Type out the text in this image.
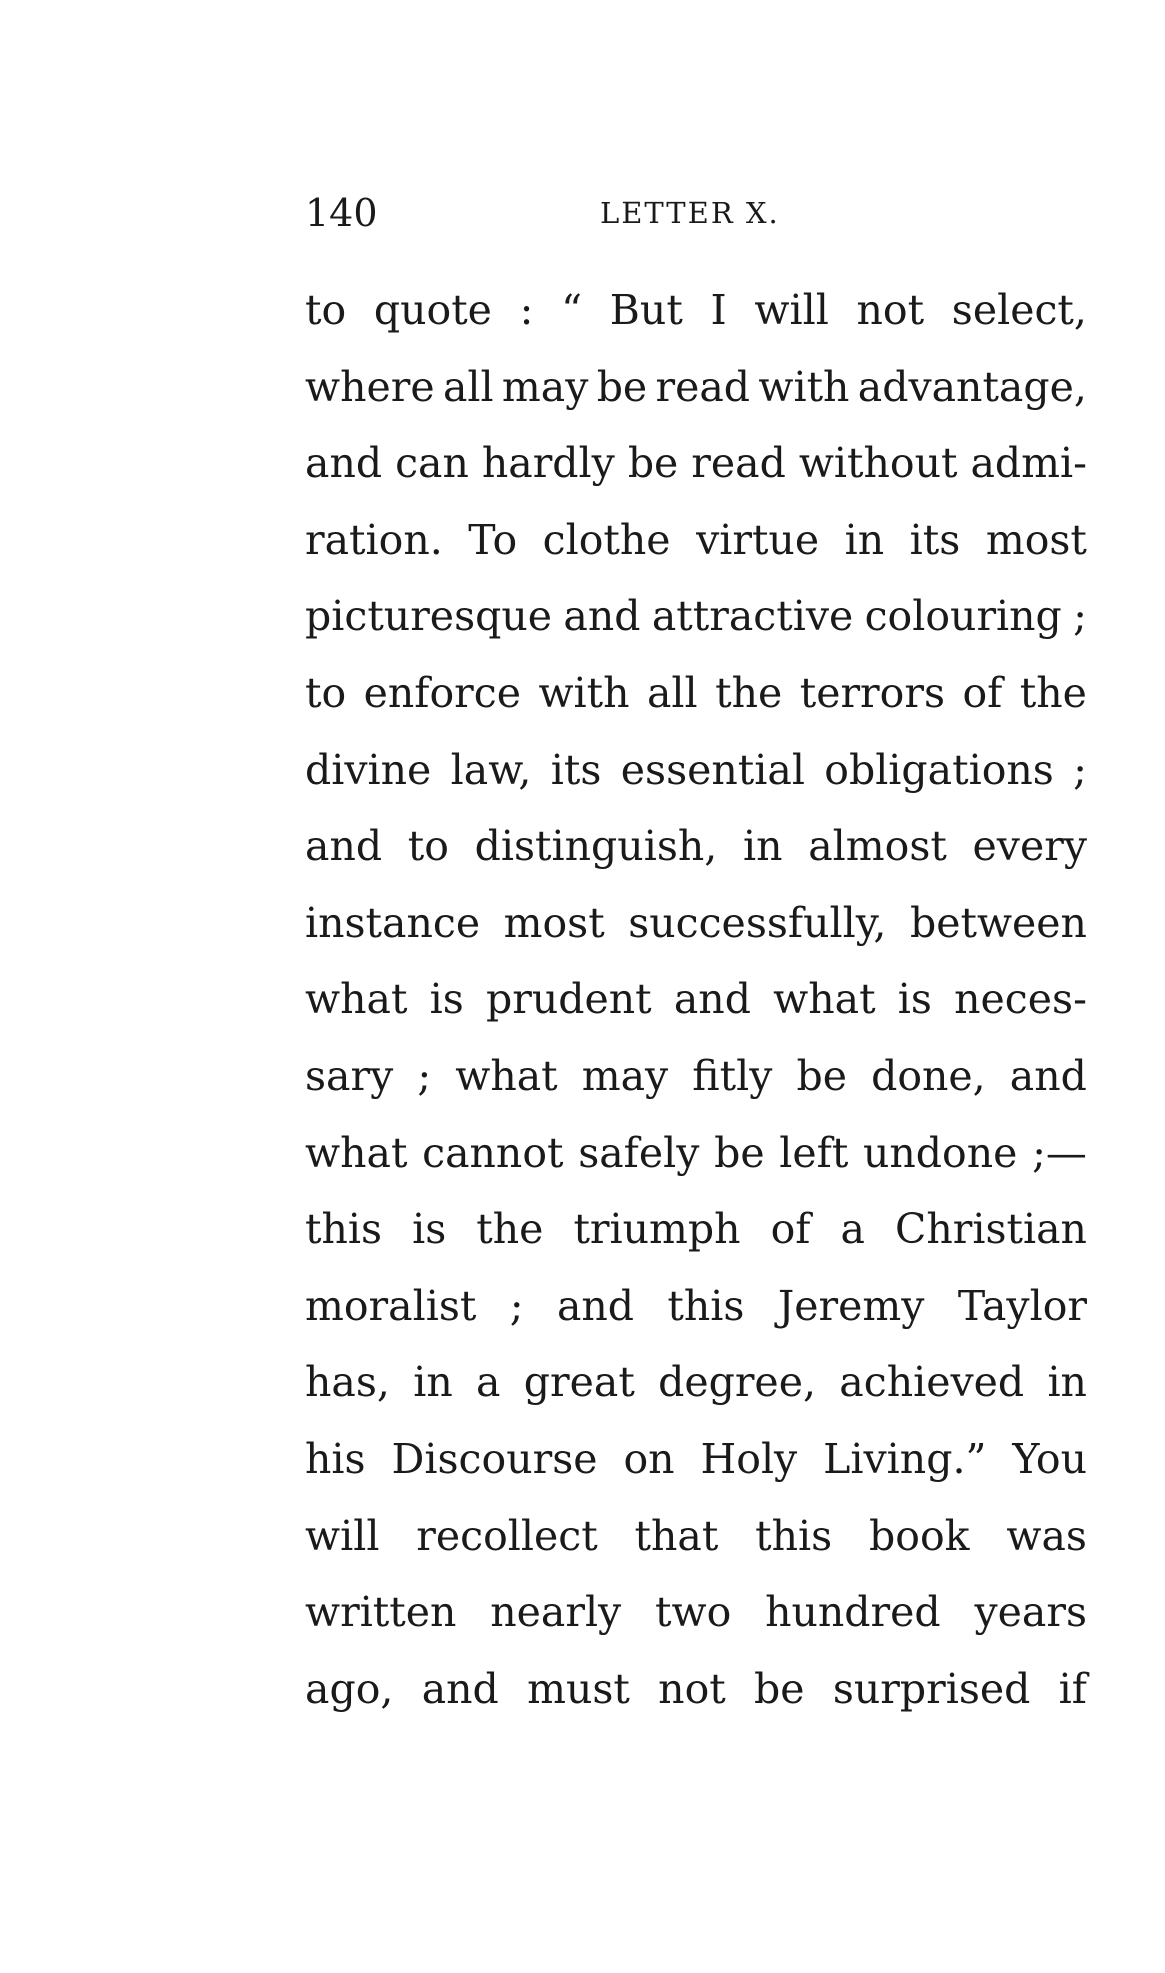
140	LETTER X.
to quote : “ But I will not select,
where all may be read with advantage,
and can hardly be read without admi-
ration. To clothe virtue in its most
picturesque and attractive colouring ;
to enforce with all the terrors of the
divine law, its essential obligations ;
and to distinguish, in almost every
instance most successfully, between
what is prudent and what is neces-
sary ; what may fitly be done, and
what cannot safely be left undone ;—
this is the triumph of a Christian
moralist ; and this Jeremy Taylor
has, in a great degree, achieved in
his Discourse on Holy Living.” You
will recollect that this book was
written nearly two hundred years
ago, and must not be surprised if
